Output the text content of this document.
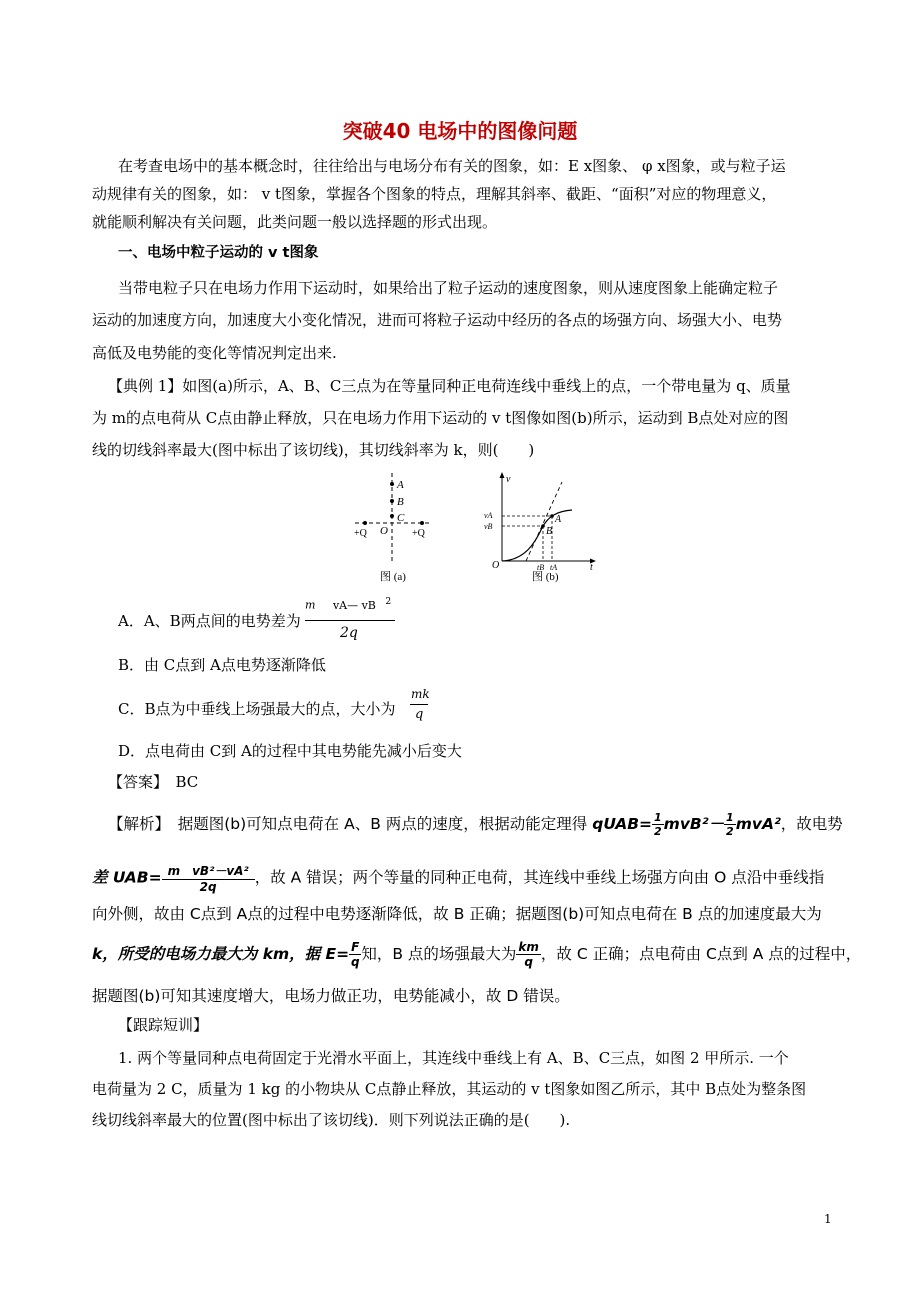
突破40 电场中的图像问题
在考查电场中的基本概念时，往往给出与电场分布有关的图象，如：E x图象、 φ x图象，或与粒子运
动规律有关的图象，如： v t图象，掌握各个图象的特点，理解其斜率、截距、“面积”对应的物理意义，
就能顺利解决有关问题，此类问题一般以选择题的形式出现。
一、电场中粒子运动的 v t图象
当带电粒子只在电场力作用下运动时，如果给出了粒子运动的速度图象，则从速度图象上能确定粒子
运动的加速度方向，加速度大小变化情况，进而可将粒子运动中经历的各点的场强方向、场强大小、电势
高低及电势能的变化等情况判定出来.
【典例 1】如图(a)所示，A、B、C三点为在等量同种正电荷连线中垂线上的点，一个带电量为 q、质量
为 m的点电荷从 C点由静止释放，只在电场力作用下运动的 v t图像如图(b)所示，运动到 B点处对应的图
线的切线斜率最大(图中标出了该切线)，其切线斜率为 k，则(　　)
A
B
C
O
+Q	+Q
图 (a)
v
vA
vB
A
B
O	tB tA	t
图 (b)
A．A、B两点间的电势差为
m vA— vB $^2$
2q
B．由 C点到 A点电势逐渐降低
C．B点为中垂线上场强最大的点，大小为
mk
q
D．点电荷由 C到 A的过程中其电势能先减小后变大
【答案】　BC
【解析】　据题图(b)可知点电荷在 A、B 两点的速度，根据动能定理得 qUAB= $\frac{1}{2} mvB^2- \frac{1}{2} mvA^2$，故电势
差 $UAB= \frac{\text{m　vB²－vA²}}{2q}$ ，故 A 错误；两个等量的同种正电荷，其连线中垂线上场强方向由 O 点沿中垂线指
向外侧，故由 C点到 A点的过程中电势逐渐降低，故 B 正确；据题图(b)可知点电荷在 B 点的加速度最大为
k，所受的电场力最大为 km，据 $E= \frac{F}{q}$ 知，B 点的场强最大为 $\frac{km}{q}$ ，故 C 正确；点电荷由 C点到 A 点的过程中，
据题图(b)可知其速度增大，电场力做正功，电势能减小，故 D 错误。
【跟踪短训】
1. 两个等量同种点电荷固定于光滑水平面上，其连线中垂线上有 A、B、C三点，如图 2 甲所示. 一个
电荷量为 2 C，质量为 1 kg 的小物块从 C点静止释放，其运动的 v t图象如图乙所示，其中 B点处为整条图
线切线斜率最大的位置(图中标出了该切线)．则下列说法正确的是(　　).
1
